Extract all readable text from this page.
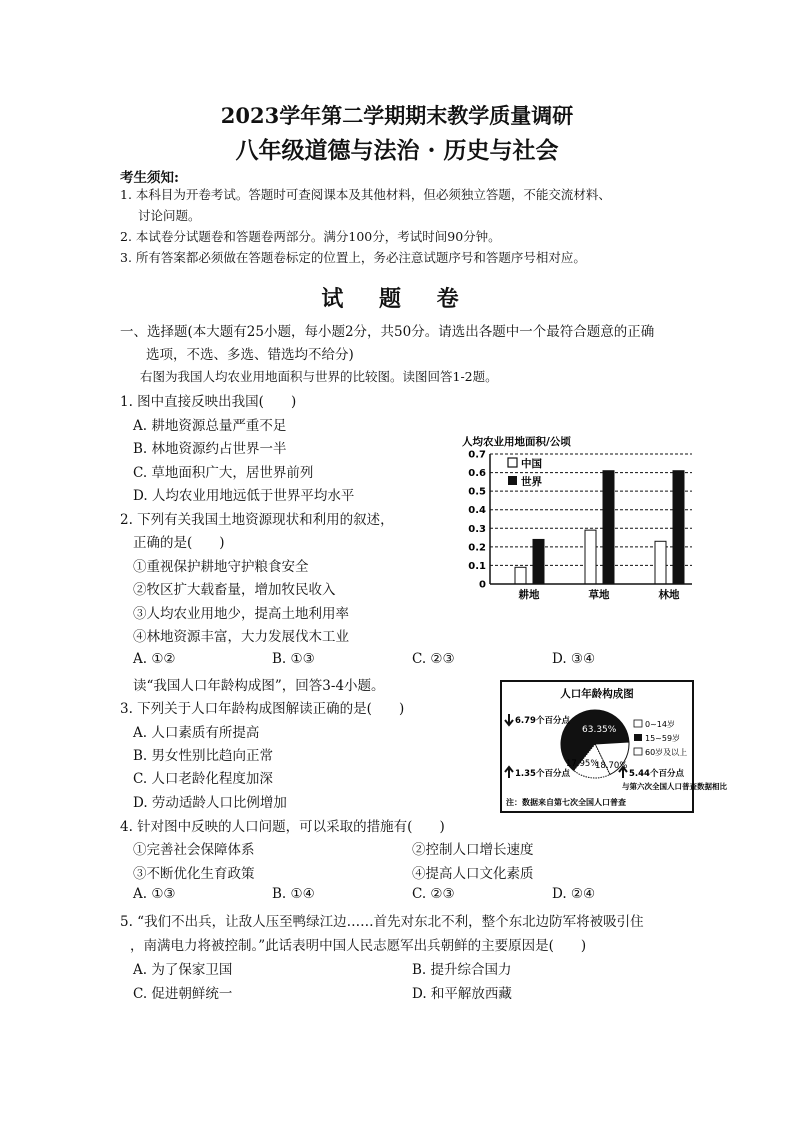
2023学年第二学期期末教学质量调研
八年级道德与法治 · 历史与社会
考生须知:
1. 本科目为开卷考试。答题时可查阅课本及其他材料，但必须独立答题，不能交流材料、
讨论问题。
2. 本试卷分试题卷和答题卷两部分。满分100分，考试时间90分钟。
3. 所有答案都必须做在答题卷标定的位置上，务必注意试题序号和答题序号相对应。
试 题 卷
一、选择题(本大题有25小题，每小题2分，共50分。请选出各题中一个最符合题意的正确
选项，不选、多选、错选均不给分)
右图为我国人均农业用地面积与世界的比较图。读图回答1-2题。
1. 图中直接反映出我国(　　)
A. 耕地资源总量严重不足
B. 林地资源约占世界一半
C. 草地面积广大，居世界前列
D. 人均农业用地远低于世界平均水平
2. 下列有关我国土地资源现状和利用的叙述，
正确的是(　　)
①重视保护耕地守护粮食安全
②牧区扩大载畜量，增加牧民收入
③人均农业用地少，提高土地利用率
④林地资源丰富，大力发展伐木工业
A. ①②	B. ①③	C. ②③	D. ③④
读“我国人口年龄构成图”，回答3-4小题。
3. 下列关于人口年龄构成图解读正确的是(　　)
A. 人口素质有所提高
B. 男女性别比趋向正常
C. 人口老龄化程度加深
D. 劳动适龄人口比例增加
4. 针对图中反映的人口问题，可以采取的措施有(　　)
①完善社会保障体系	②控制人口增长速度
③不断优化生育政策	④提高人口文化素质
A. ①③	B. ①④	C. ②③	D. ②④
5. “我们不出兵，让敌人压至鸭绿江边……首先对东北不利，整个东北边防军将被吸引住
，南满电力将被控制。”此话表明中国人民志愿军出兵朝鲜的主要原因是(　　)
A. 为了保家卫国	B. 提升综合国力
C. 促进朝鲜统一	D. 和平解放西藏
人均农业用地面积/公顷
0
0.1
0.2
0.3
0.4
0.5
0.6
0.7
耕地	草地	林地
中国
世界
人口年龄构成图
63.35%
17.95%
18.70%
0~14岁
15~59岁
60岁及以上
6.79个百分点
1.35个百分点	5.44个百分点
与第六次全国人口普查数据相比
注：数据来自第七次全国人口普查
